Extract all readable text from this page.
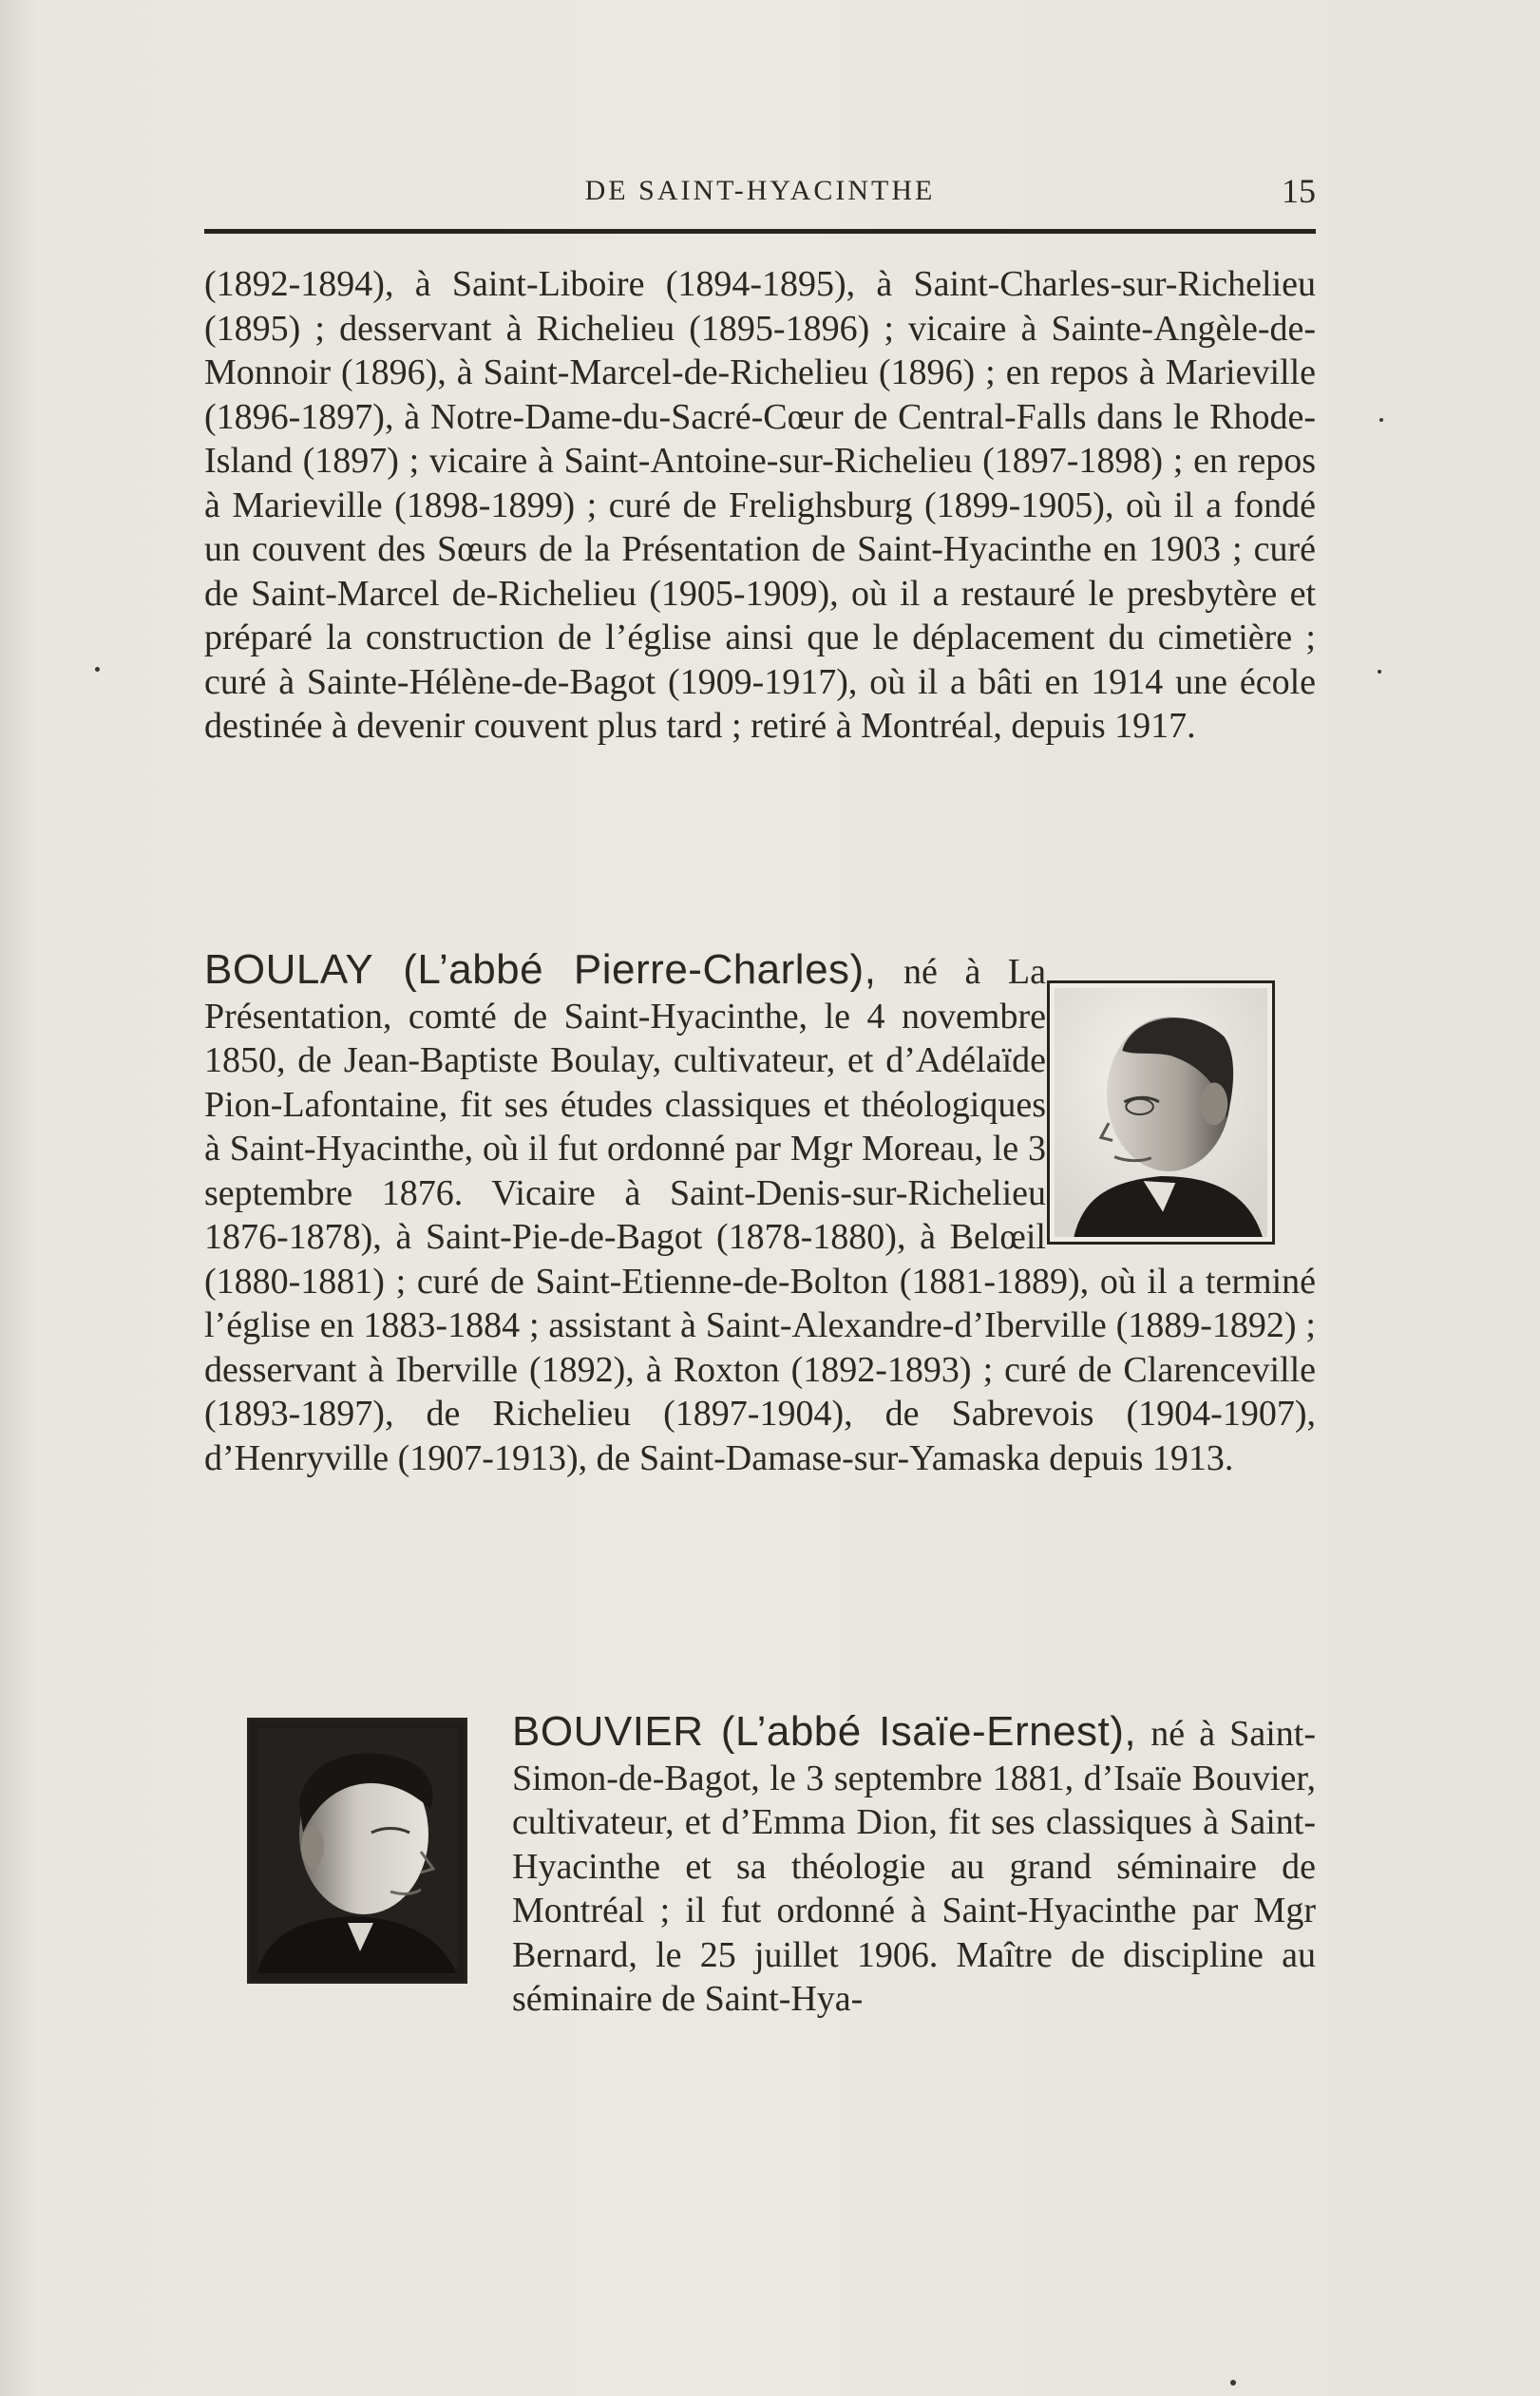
DE SAINT-HYACINTHE	15
(1892-1894), à Saint-Liboire (1894-1895), à Saint-Charles-sur-Richelieu (1895) ; desservant à Richelieu (1895-1896) ; vicaire à Sainte-Angèle-de-Monnoir (1896), à Saint-Marcel-de-Richelieu (1896) ; en repos à Marieville (1896-1897), à Notre-Dame-du-Sacré-Cœur de Central-Falls dans le Rhode-Island (1897) ; vicaire à Saint-Antoine-sur-Richelieu (1897-1898) ; en repos à Marieville (1898-1899) ; curé de Frelighsburg (1899-1905), où il a fondé un couvent des Sœurs de la Présentation de Saint-Hyacinthe en 1903 ; curé de Saint-Marcel de-Richelieu (1905-1909), où il a restauré le presbytère et préparé la construction de l’église ainsi que le déplacement du cimetière ; curé à Sainte-Hélène-de-Bagot (1909-1917), où il a bâti en 1914 une école destinée à devenir couvent plus tard ; retiré à Montréal, depuis 1917.
BOULAY (L’abbé Pierre-Charles), né à La Présentation, comté de Saint-Hyacinthe, le 4 novembre 1850, de Jean-Baptiste Boulay, cultivateur, et d’Adélaïde Pion-Lafontaine, fit ses études classiques et théologiques à Saint-Hyacinthe, où il fut ordonné par Mgr Moreau, le 3 septembre 1876. Vicaire à Saint-Denis-sur-Richelieu 1876-1878), à Saint-Pie-de-Bagot (1878-1880), à Belœil (1880-1881) ; curé de Saint-Etienne-de-Bolton (1881-1889), où il a terminé l’église en 1883-1884 ; assistant à Saint-Alexandre-d’Iberville (1889-1892) ; desservant à Iberville (1892), à Roxton (1892-1893) ; curé de Clarenceville (1893-1897), de Richelieu (1897-1904), de Sabrevois (1904-1907), d’Henryville (1907-1913), de Saint-Damase-sur-Yamaska depuis 1913.
BOUVIER (L’abbé Isaïe-Ernest), né à Saint-Simon-de-Bagot, le 3 septembre 1881, d’Isaïe Bouvier, cultivateur, et d’Emma Dion, fit ses classiques à Saint-Hyacinthe et sa théologie au grand séminaire de Montréal ; il fut ordonné à Saint-Hyacinthe par Mgr Bernard, le 25 juillet 1906. Maître de discipline au séminaire de Saint-Hya-
